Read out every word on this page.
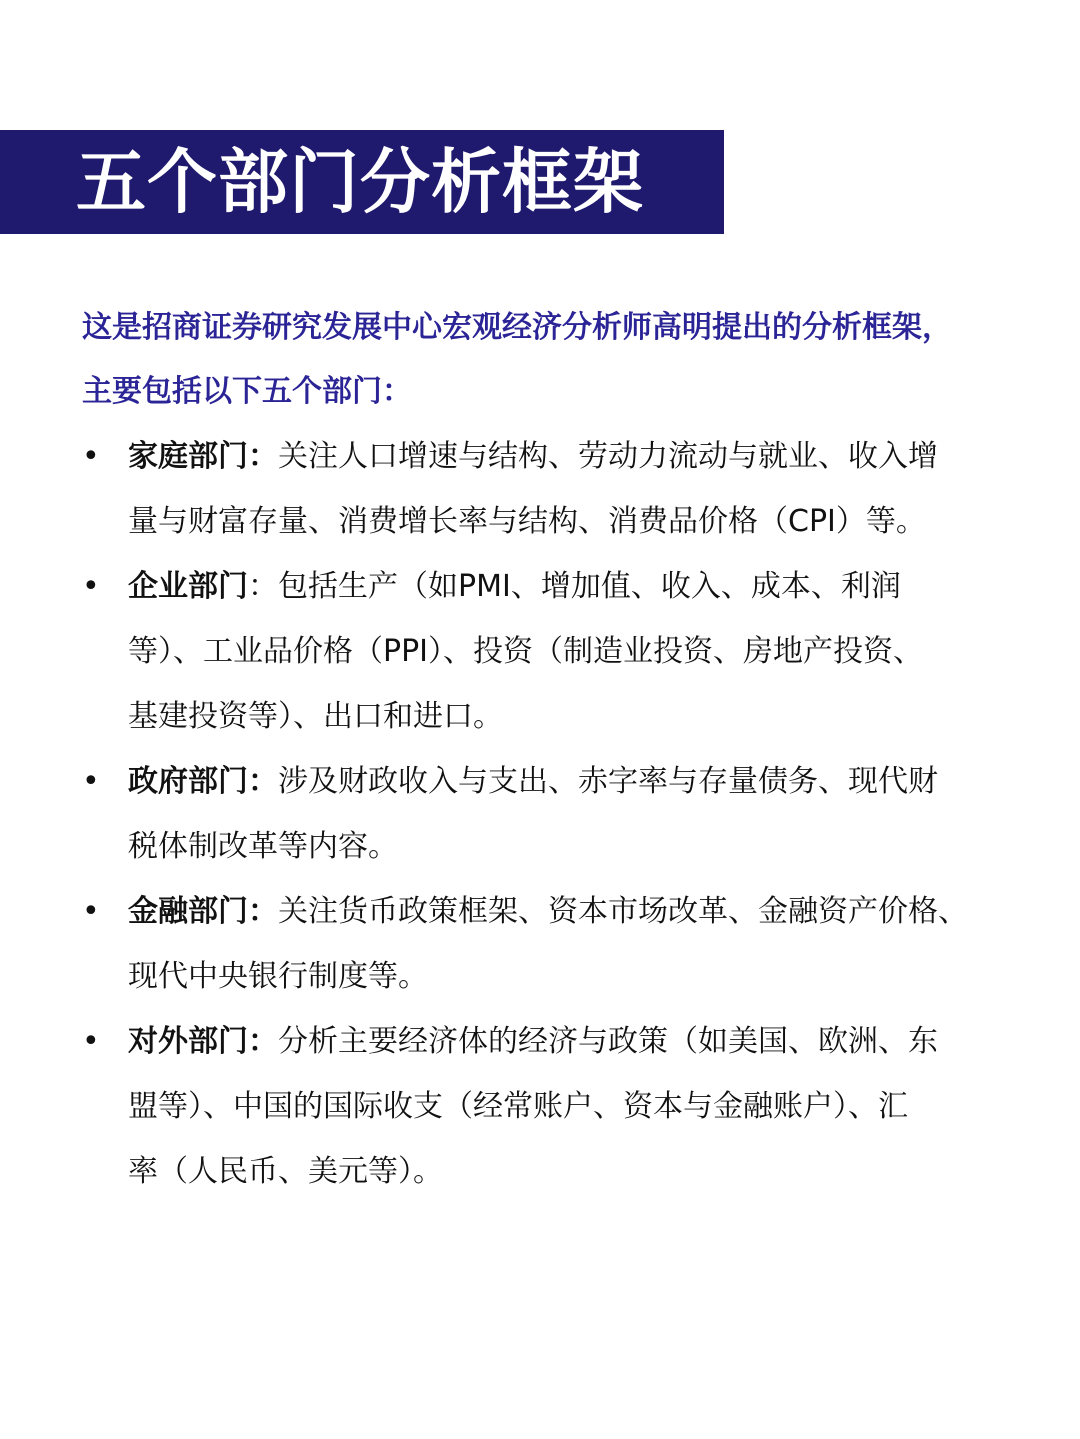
五个部门分析框架
这是招商证券研究发展中心宏观经济分析师高明提出的分析框架，
主要包括以下五个部门：
• 家庭部门：关注人口增速与结构、劳动力流动与就业、收入增
量与财富存量、消费增长率与结构、消费品价格（CPI）等。
• 企业部门：包括生产（如PMI、增加值、收入、成本、利润
等）、工业品价格（PPI）、投资（制造业投资、房地产投资、
基建投资等）、出口和进口。
• 政府部门：涉及财政收入与支出、赤字率与存量债务、现代财
税体制改革等内容。
• 金融部门：关注货币政策框架、资本市场改革、金融资产价格、
现代中央银行制度等。
• 对外部门：分析主要经济体的经济与政策（如美国、欧洲、东
盟等）、中国的国际收支（经常账户、资本与金融账户）、汇
率（人民币、美元等）。
